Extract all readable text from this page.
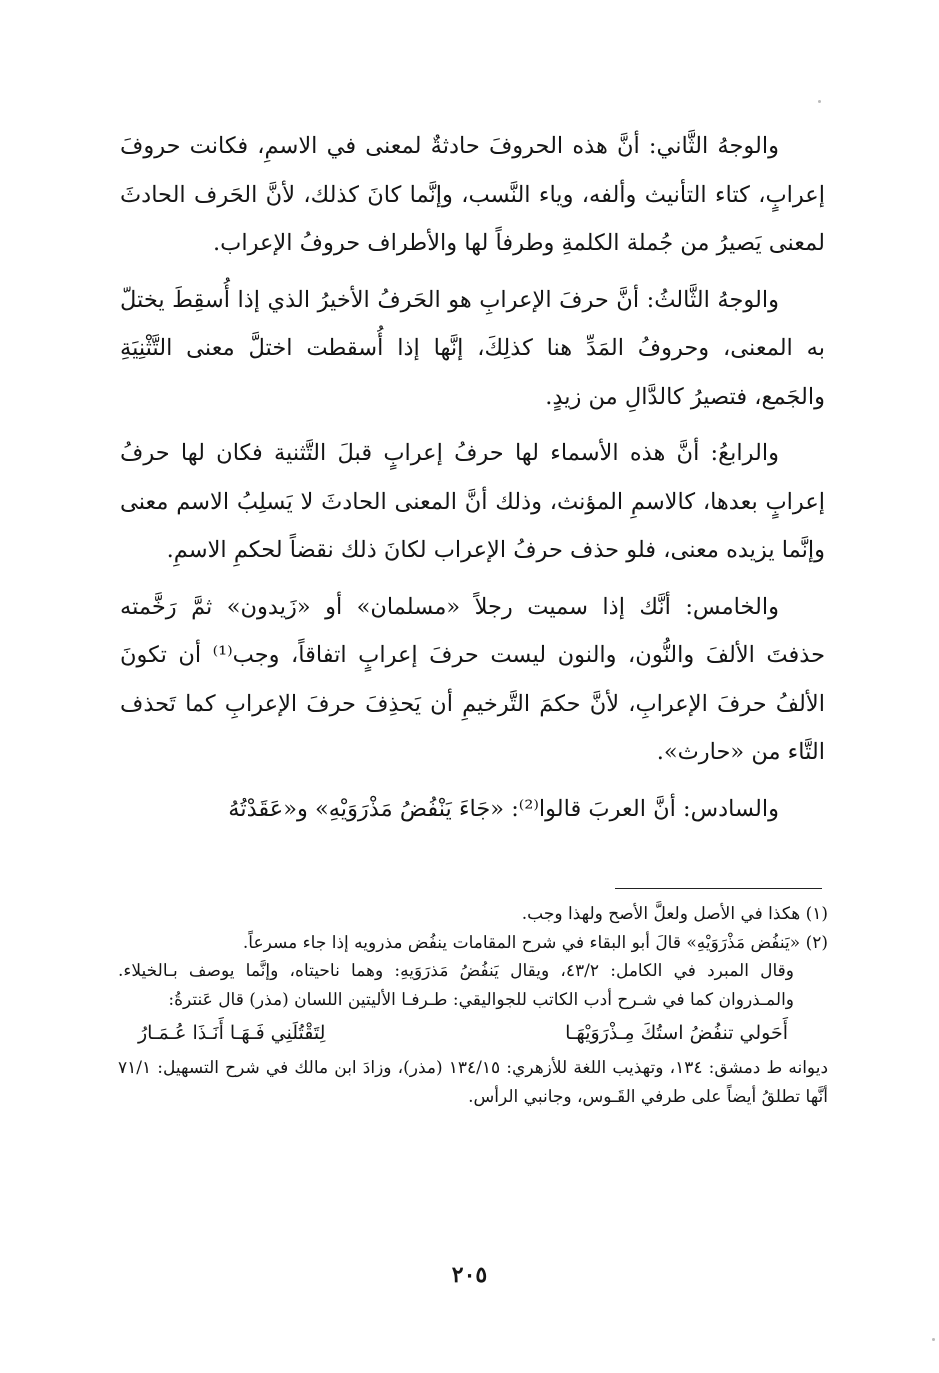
والوجهُ الثَّاني: أنَّ هذه الحروفَ حادثةٌ لمعنى في الاسمِ، فكانت حروفَ إعرابٍ، كتاء التأنيث وألفه، وياء النَّسب، وإنَّما كانَ كذلك، لأنَّ الحَرف الحادثَ لمعنى يَصيرُ من جُملة الكلمةِ وطرفاً لها والأطراف حروفُ الإعراب.

والوجهُ الثَّالثُ: أنَّ حرفَ الإعرابِ هو الحَرفُ الأخيرُ الذي إذا أُسقِطَ يختلّ به المعنى، وحروفُ المَدِّ هنا كذلِكَ، إنَّها إذا أُسقطت اختلَّ معنى التَّثْنِيَةِ والجَمع، فتصيرُ كالدَّالِ من زيدٍ.

والرابعُ: أنَّ هذه الأسماء لها حرفُ إعرابٍ قبلَ التَّثنية فكان لها حرفُ إعرابٍ بعدها، كالاسمِ المؤنث، وذلك أنَّ المعنى الحادثَ لا يَسلِبُ الاسم معنى وإنَّما يزيده معنى، فلو حذف حرفُ الإعراب لكانَ ذلك نقضاً لحكمِ الاسمِ.

والخامس: أنَّك إذا سميت رجلاً «مسلمان» أو «زَيدون» ثمَّ رَخَّمته حذفتَ الألفَ والنُّون، والنون ليست حرفَ إعرابٍ اتفاقاً، وجب⁽¹⁾ أن تكونَ الألفُ حرفَ الإعرابِ، لأنَّ حكمَ التَّرخيمِ أن يَحذِفَ حرفَ الإعرابِ كما تَحذف التَّاء من «حارث».

والسادس: أنَّ العربَ قالوا⁽²⁾: «جَاءَ يَنْفُضُ مَذْرَوَيْهِ» و«عَقَدْتُهُ

(١) هكذا في الأصل ولعلَّ الأصح ولهذا وجب.

(٢) «يَنفُض مَذْرَوَيْهِ» قالَ أبو البقاء في شرح المقامات ينفُض مذرويه إذا جاء مسرعاً.

وقال المبرد في الكامل: ٤٣/٢، ويقال يَنفُضُ مَذرَوَيهِ: وهما ناحيتاه، وإنَّما يوصف بـالخيلاء. والمـذروان كما في شـرح أدب الكاتب للجواليقي: طـرفـا الأليتين اللسان (مذر) قال عَنترةُ:

أَحَولي تنفُضُ استُكَ مِـذْرَوَيْهَـا
لِتَقْتُلَنِي فَـهَـا أَنَـذَا عُـمَـارُ

ديوانه ط دمشق: ١٣٤، وتهذيب اللغة للأزهري: ١٣٤/١٥ (مذر)، وزادَ ابن مالك في شرح التسهيل: ٧١/١ أنَّها تطلقُ أيضاً على طرفي القَـوس، وجانبي الرأس.

٢٠٥
